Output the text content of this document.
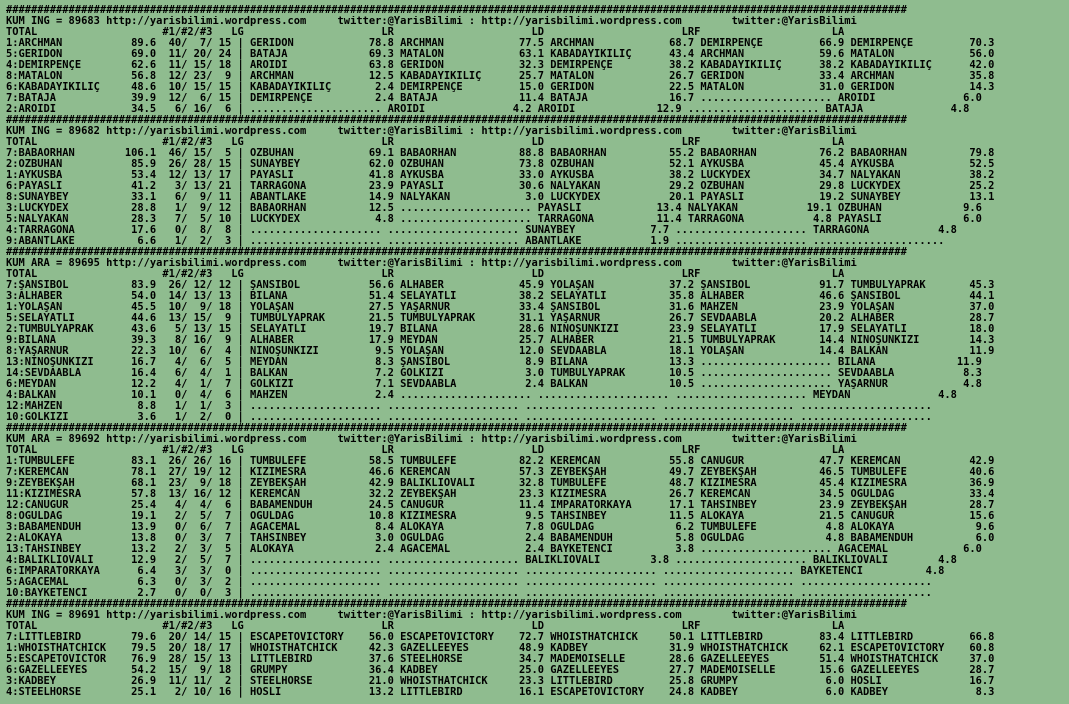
################################################################################################################################################
KUM ING = 89683 http://yarisbilimi.wordpress.com     twitter:@YarisBilimi : http://yarisbilimi.wordpress.com        twitter:@YarisBilimi
TOTAL                    #1/#2/#3   LG                      LR                      LD                      LRF                     LA
1:ARCHMAN           89.6  40/  7/ 15 | GERİDÖN            78.8 ARCHMAN            77.5 ARCHMAN            68.7 DEMİRPENÇE         66.9 DEMİRPENÇE         70.3
5:GERİDÖN           69.0  11/ 20/ 24 | BATAJA             69.3 MATALON            63.1 KABADAYIKILIÇ      43.4 ARCHMAN            59.6 MATALON            56.0
4:DEMİRPENÇE        62.6  11/ 15/ 18 | AROIDI             63.8 GERİDÖN            32.3 DEMİRPENÇE         38.2 KABADAYIKILIÇ      38.2 KABADAYIKILIÇ      42.0
8:MATALON           56.8  12/ 23/  9 | ARCHMAN            12.5 KABADAYIKILIÇ      25.7 MATALON            26.7 GERİDÖN            33.4 ARCHMAN            35.8
6:KABADAYIKILIÇ     48.6  10/ 15/ 15 | KABADAYIKILIÇ       2.4 DEMİRPENÇE         15.0 GERİDÖN            22.5 MATALON            31.0 GERİDÖN            14.3
7:BATAJA            39.9  12/  6/ 15 | DEMİRPENÇE          2.4 BATAJA             11.4 BATAJA             16.7 ..................... AROIDI              6.0
2:AROIDI            34.5   6/ 16/  6 | ..................... AROIDI              4.2 AROIDI             12.9 ..................... BATAJA              4.8
################################################################################################################################################
KUM ING = 89682 http://yarisbilimi.wordpress.com     twitter:@YarisBilimi : http://yarisbilimi.wordpress.com        twitter:@YarisBilimi
TOTAL                    #1/#2/#3   LG                      LR                      LD                      LRF                     LA
7:BABAORHAN        106.1  46/ 15/  5 | ÖZBUHAN            69.1 BABAORHAN          88.8 BABAORHAN          55.2 BABAORHAN          76.2 BABAORHAN          79.8
2:ÖZBUHAN           85.9  26/ 28/ 15 | SUNAYBEY           62.0 ÖZBUHAN            73.8 ÖZBUHAN            52.1 AYKUSBA            45.4 AYKUSBA            52.5
1:AYKUSBA           53.4  12/ 13/ 17 | PAYASLI            41.8 AYKUSBA            33.0 AYKUSBA            38.2 LUCKYDEX           34.7 NALYAKAN           38.2
6:PAYASLI           41.2   3/ 13/ 21 | TARRAGONA          23.9 PAYASLI            30.6 NALYAKAN           29.2 ÖZBUHAN            29.8 LUCKYDEX           25.2
8:SUNAYBEY          33.1   6/  9/ 11 | ABANTLAKE          14.9 NALYAKAN            3.0 LUCKYDEX           20.1 PAYASLI            19.2 SUNAYBEY           13.1
3:LUCKYDEX          28.8   1/  9/ 12 | BABAORHAN          12.5 ..................... PAYASLI            13.4 NALYAKAN           19.1 ÖZBUHAN             9.6
5:NALYAKAN          28.3   7/  5/ 10 | LUCKYDEX            4.8 ..................... TARRAGONA          11.4 TARRAGONA           4.8 PAYASLI             6.0
4:TARRAGONA         17.6   0/  8/  8 | ..................... ..................... SUNAYBEY            7.7 ..................... TARRAGONA           4.8
9:ABANTLAKE          6.6   1/  2/  3 | ..................... ..................... ABANTLAKE           1.9 ..................... .....................
################################################################################################################################################
KUM ARA = 89695 http://yarisbilimi.wordpress.com     twitter:@YarisBilimi : http://yarisbilimi.wordpress.com        twitter:@YarisBilimi
TOTAL                    #1/#2/#3   LG                      LR                      LD                      LRF                     LA
7:ŞANSIBOL          83.9  26/ 12/ 12 | ŞANSIBOL           56.6 ALHABER            45.9 YOLAŞAN            37.2 ŞANSIBOL           91.7 TUMBULYAPRAK       45.3
3:ALHABER           54.0  14/ 13/ 13 | BİLANA             51.4 SELAYATLI          38.2 SELAYATLI          35.8 ALHABER            46.6 ŞANSIBOL           44.1
1:YOLAŞAN           45.5  10/  9/ 18 | YOLAŞAN            27.5 YAŞARNUR           33.4 ŞANSIBOL           31.6 MAHZEN             23.9 YOLAŞAN            37.0
5:SELAYATLI         44.6  13/ 15/  9 | TUMBULYAPRAK       21.5 TUMBULYAPRAK       31.1 YAŞARNUR           26.7 SEVDAABLA          20.2 ALHABER            28.7
2:TUMBULYAPRAK      43.6   5/ 13/ 15 | SELAYATLI          19.7 BİLANA             28.6 NİNOŞUNKIZI        23.9 SELAYATLI          17.9 SELAYATLI          18.0
9:BİLANA            39.3   8/ 16/  9 | ALHABER            17.9 MEYDAN             25.7 ALHABER            21.5 TUMBULYAPRAK       14.4 NİNOŞUNKIZI        14.3
8:YAŞARNUR          22.3  10/  6/  4 | NİNOŞUNKIZI         9.5 YOLAŞAN            12.0 SEVDAABLA          18.1 YOLAŞAN            14.4 BALKAN             11.9
13:NİNOŞUNKIZI      16.7   4/  6/  5 | MEYDAN              8.3 ŞANSIBOL            8.9 BİLANA             13.3 ..................... BİLANA             11.9
14:SEVDAABLA        16.4   6/  4/  1 | BALKAN              7.2 GÖLKIZI             3.0 TUMBULYAPRAK       10.5 ..................... SEVDAABLA           8.3
6:MEYDAN            12.2   4/  1/  7 | GÖLKIZI             7.1 SEVDAABLA           2.4 BALKAN             10.5 ..................... YAŞARNUR            4.8
4:BALKAN            10.1   0/  4/  6 | MAHZEN              2.4 ..................... ..................... ..................... MEYDAN              4.8
12:MAHZEN            8.8   1/  1/  3 | ..................... ..................... ..................... ..................... .....................
10:GÖLKIZI           3.6   1/  2/  0 | ..................... ..................... ..................... ..................... .....................
################################################################################################################################################
KUM ARA = 89692 http://yarisbilimi.wordpress.com     twitter:@YarisBilimi : http://yarisbilimi.wordpress.com        twitter:@YarisBilimi
TOTAL                    #1/#2/#3   LG                      LR                      LD                      LRF                     LA
1:TUMBULEFE         83.1  26/ 26/ 16 | TUMBULEFE          58.5 TUMBULEFE          82.2 KEREMCAN           55.8 CANUĞUR            47.7 KEREMCAN           42.9
7:KEREMCAN          78.1  27/ 19/ 12 | KIZIMESRA          46.6 KEREMCAN           57.3 ZEYBEKŞAH          49.7 ZEYBEKŞAH          46.5 TUMBULEFE          40.6
9:ZEYBEKŞAH         68.1  23/  9/ 18 | ZEYBEKŞAH          42.9 BALIKLIOVALI       32.8 TUMBULEFE          48.7 KIZIMESRA          45.4 KIZIMESRA          36.9
11:KIZIMESRA        57.8  13/ 16/ 12 | KEREMCAN           32.2 ZEYBEKŞAH          23.3 KIZIMESRA          26.7 KEREMCAN           34.5 OĞULDAĞ            33.4
12:CANUĞUR          25.4   4/  4/  6 | BABAMENDUH         24.5 CANUĞUR            11.4 İMPARATORKAYA      17.1 TAHSİNBEY          23.9 ZEYBEKŞAH          28.7
8:OĞULDAĞ           19.1   2/  5/  7 | OĞULDAĞ            10.8 KIZIMESRA           9.5 TAHSİNBEY          11.5 ALOKAYA            21.5 CANUĞUR            15.6
3:BABAMENDUH        13.9   0/  6/  7 | AĞACEMAL            8.4 ALOKAYA             7.8 OĞULDAĞ             6.2 TUMBULEFE           4.8 ALOKAYA             9.6
2:ALOKAYA           13.8   0/  3/  7 | TAHSİNBEY           3.0 OĞULDAĞ             2.4 BABAMENDUH          5.8 OĞULDAĞ             4.8 BABAMENDUH          6.0
13:TAHSİNBEY        13.2   2/  3/  5 | ALOKAYA             2.4 AĞACEMAL            2.4 BAYKETENCİ          3.8 ..................... AĞACEMAL            6.0
4:BALIKLIOVALI      12.9   2/  5/  7 | ..................... ..................... BALIKLIOVALI        3.8 ..................... BALIKLIOVALI        4.8
6:İMPARATORKAYA      6.4   3/  3/  0 | ..................... ..................... ..................... ..................... BAYKETENCİ          4.8
5:AĞACEMAL           6.3   0/  3/  2 | ..................... ..................... ..................... ..................... .....................
10:BAYKETENCİ        2.7   0/  0/  3 | ..................... ..................... ..................... ..................... .....................
################################################################################################################################################
KUM ING = 89691 http://yarisbilimi.wordpress.com     twitter:@YarisBilimi : http://yarisbilimi.wordpress.com        twitter:@YarisBilimi
TOTAL                    #1/#2/#3   LG                      LR                      LD                      LRF                     LA
7:LITTLEBIRD        79.6  20/ 14/ 15 | ESCAPETOVICTORY    56.0 ESCAPETOVICTORY    72.7 WHOISTHATCHICK     50.1 LITTLEBIRD         83.4 LITTLEBIRD         66.8
1:WHOISTHATCHICK    79.5  20/ 18/ 17 | WHOISTHATCHICK     42.3 GAZELLEEYES        48.9 KADBEY             31.9 WHOISTHATCHICK     62.1 ESCAPETOVICTORY    60.8
5:ESCAPETOVICTOR    76.9  28/ 15/ 13 | LITTLEBIRD         37.6 STEELHORSE         34.7 MADEMOISELLE       28.6 GAZELLEEYES        51.4 WHOISTHATCHICK     37.0
6:GAZELLEEYES       54.2  15/  9/ 18 | GRUMPY             36.4 KADBEY             25.0 GAZELLEEYES        27.7 MADEMOISELLE       15.6 GAZELLEEYES        28.7
3:KADBEY            26.9  11/ 11/  2 | STEELHORSE         21.0 WHOISTHATCHICK     23.3 LITTLEBIRD         25.8 GRUMPY              6.0 HOSLİ              16.7
4:STEELHORSE        25.1   2/ 10/ 16 | HOSLİ              13.2 LITTLEBIRD         16.1 ESCAPETOVICTORY    24.8 KADBEY              6.0 KADBEY              8.3
